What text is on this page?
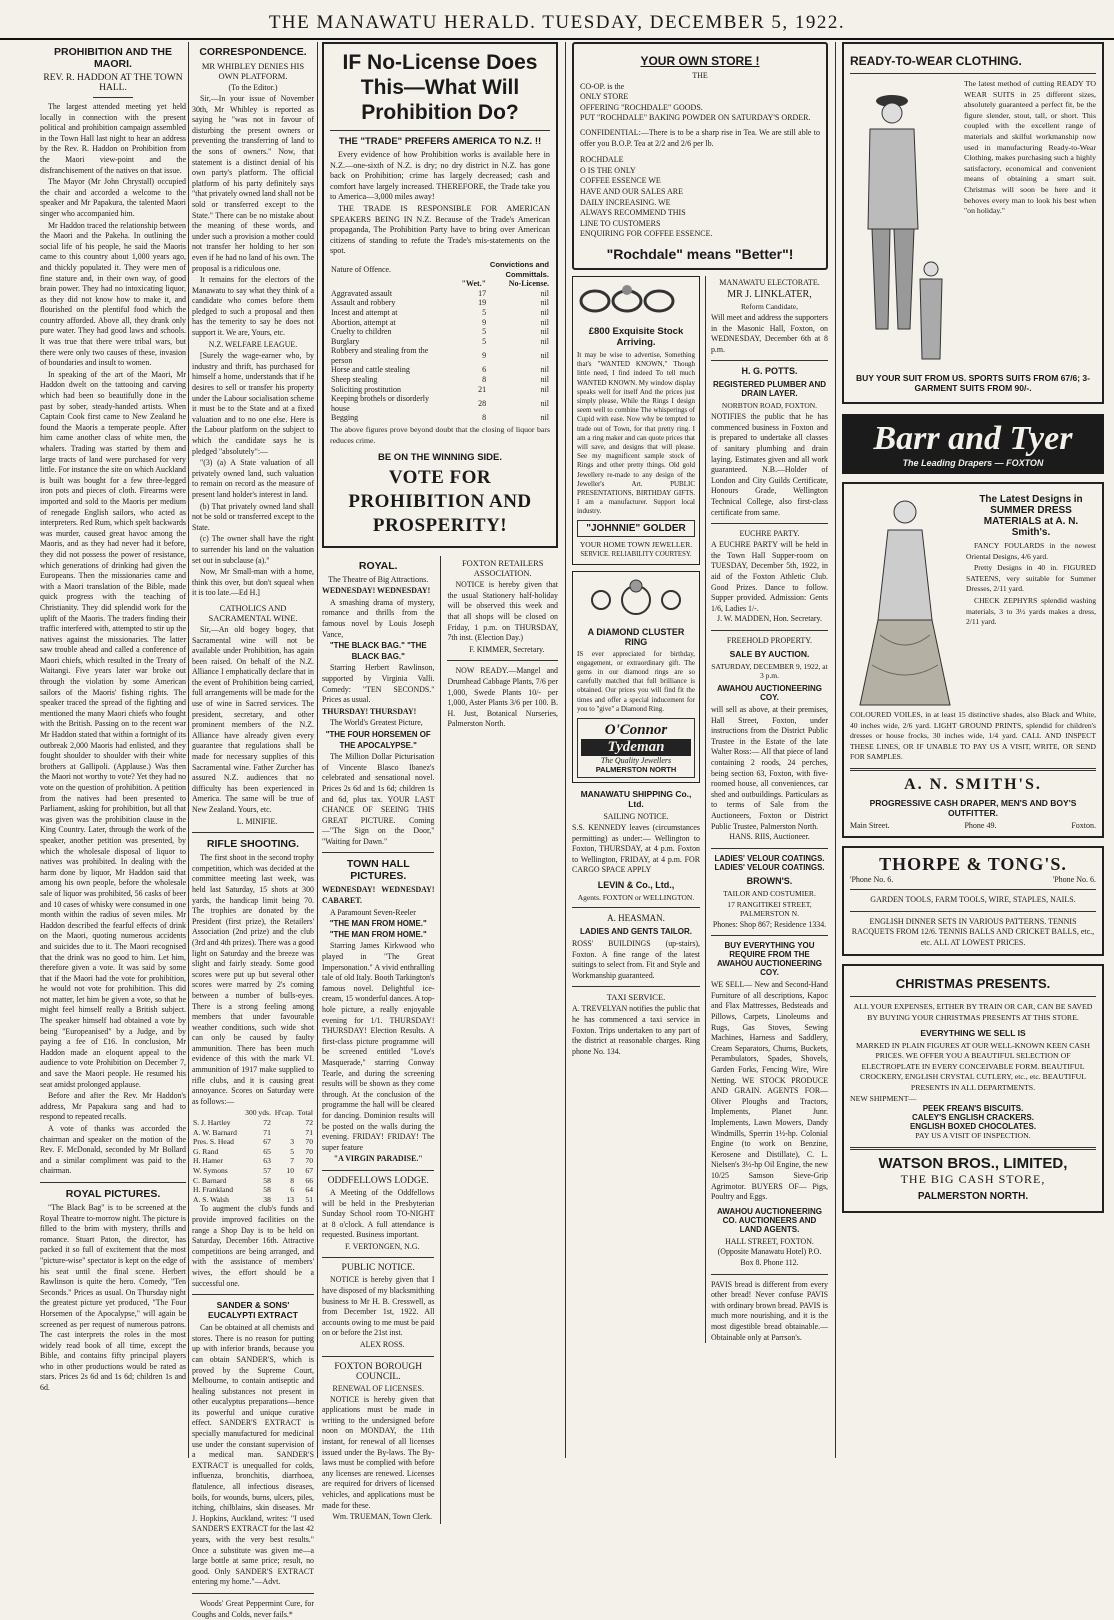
THE MANAWATU HERALD. TUESDAY, DECEMBER 5, 1922.
PROHIBITION AND THE MAORI.
REV. R. HADDON AT THE TOWN HALL.

The largest attended meeting yet held locally in connection with the present political and prohibition campaign assembled in the Town Hall last night to hear an address by the Rev. R. Haddon on Prohibition from the Maori view-point and the disfranchisement of the natives on that issue.

The Mayor (Mr John Chrystall) occupied the chair and accorded a welcome to the speaker and Mr Papakura, the talented Maori singer who accompanied him.

Mr Haddon traced the relationship between the Maori and the Pakeha. In outlining the social life of his people, he said the Maoris came to this country about 1,000 years ago, and thickly populated it. They were men of fine stature and, in their own way, of good brain power. They had no intoxicating liquor, as they did not know how to make it, and flourished on the plentiful food which the country afforded. Above all, they drank only pure water. They had good laws and schools. It was true that there were tribal wars, but there were only two causes of these, invasion of boundaries and insult to women.

In speaking of the art of the Maori, Mr Haddon dwelt on the tattooing and carving which had been so beautifully done in the past by sober, steady-handed artists. When Captain Cook first came to New Zealand he found the Maoris a temperate people. After him came another class of white men, the whalers. Trading was started by them and large tracts of land were purchased for very little. For instance the site on which Auckland is built was bought for a few three-legged iron pots and pieces of cloth. Firearms were imported and sold to the Maoris per medium of renegade English sailors, who acted as interpreters. Red Rum, which spelt backwards was murder, caused great havoc among the Maoris, and as they had never had it before, they did not possess the power of resistance, which generations of drinking had given the Europeans. Then the missionaries came and with a Maori translation of the Bible, made quick progress with the teaching of Christianity. They did splendid work for the uplift of the Maoris. The traders finding their traffic interfered with, attempted to stir up the natives against the missionaries. The latter saw trouble ahead and called a conference of Maori chiefs, which resulted in the Treaty of Waitangi. Five years later war broke out through the violation by some American sailors of the Maoris' fishing rights. The speaker traced the spread of the fighting and mentioned the many Maori chiefs who fought with the British. Passing on to the recent war Mr Haddon stated that within a fortnight of its outbreak 2,000 Maoris had enlisted, and they fought shoulder to shoulder with their white brothers at Gallipoli. (Applause.) Was then the Maori not worthy to vote? Yet they had no vote on the question of prohibition. A petition from the natives had been presented to Parliament, asking for prohibition, but all that was given was the prohibition clause in the King Country. Later, through the work of the speaker, another petition was presented, by which the wholesale disposal of liquor to natives was prohibited. In dealing with the harm done by liquor, Mr Haddon said that among his own people, before the wholesale sale of liquor was prohibited, 56 casks of beer and 10 cases of whisky were consumed in one month within the radius of seven miles. Mr Haddon described the fearful effects of drink on the Maori, quoting numerous accidents and suicides due to it. The Maori recognised that the drink was no good to him. Let him, therefore given a vote. It was said by some that if the Maori had the vote for prohibition, he would not vote for prohibition. This did not matter, let him be given a vote, so that he might feel himself really a British subject. The speaker himself had obtained a vote by being "Europeanised" by a Judge, and by paying a fee of £16. In conclusion, Mr Haddon made an eloquent appeal to the audience to vote Prohibition on December 7, and save the Maori people. He resumed his seat amidst prolonged applause.

Before and after the Rev. Mr Haddon's address, Mr Papakura sang and had to respond to repeated recalls.

A vote of thanks was accorded the chairman and speaker on the motion of the Rev. F. McDonald, seconded by Mr Bollard and a similar compliment was paid to the chairman.

ROYAL PICTURES.

"The Black Bag" is to be screened at the Royal Theatre to-morrow night. The picture is filled to the brim with mystery, thrills and romance. Stuart Paton, the director, has packed it so full of excitement that the most "picture-wise" spectator is kept on the edge of his seat until the final scene. Herbert Rawlinson is quite the hero. Comedy, "Ten Seconds." Prices as usual. On Thursday night the greatest picture yet produced, "The Four Horsemen of the Apocalypse," will again be screened as per request of numerous patrons. The cast interprets the roles in the most widely read book of all time, except the Bible, and contains fifty principal players who in other productions would be rated as stars. Prices 2s 6d and 1s 6d; children 1s and 6d.

CORRESPONDENCE.
MR WHIBLEY DENIES HIS OWN PLATFORM.
(To the Editor.)

Sir,—In your issue of November 30th, Mr Whibley is reported as saying he "was not in favour of disturbing the present owners or preventing the transferring of land to the sons of owners." Now, that statement is a distinct denial of his own party's platform. The official platform of his party definitely says "that privately owned land shall not be sold or transferred except to the State." There can be no mistake about the meaning of these words, and under such a provision a mother could not transfer her holding to her son even if he had no land of his own. The proposal is a ridiculous one.

It remains for the electors of the Manawatu to say what they think of a candidate who comes before them pledged to such a proposal and then has the temerity to say he does not support it. We are, Yours, etc.

N.Z. WELFARE LEAGUE.

[Surely the wage-earner who, by industry and thrift, has purchased for himself a home, understands that if he desires to sell or transfer his property under the Labour socialisation scheme it must be to the State and at a fixed valuation and to no one else. Here is the Labour platform on the subject to which the candidate says he is pledged "absolutely":—

"(3) (a) A State valuation of all privately owned land, such valuation to remain on record as the measure of present land holder's interest in land.

(b) That privately owned land shall not be sold or transferred except to the State.

(c) The owner shall have the right to surrender his land on the valuation set out in subclause (a)."

Now, Mr Small-man with a home, think this over, but don't squeal when it is too late.—Ed H.]

CATHOLICS AND SACRAMENTAL WINE.

Sir,—An old bogey bogey, that Sacramental wine will not be available under Prohibition, has again been raised. On behalf of the N.Z. Alliance I emphatically declare that in the event of Prohibition being carried, full arrangements will be made for the use of wine in Sacred services. The president, secretary, and other prominent members of the N.Z. Alliance have already given every guarantee that regulations shall be made for necessary supplies of this Sacramental wine. Father Zurcher has assured N.Z. audiences that no difficulty has been experienced in America. The same will be true of New Zealand. Yours, etc.

L. MINIFIE.

RIFLE SHOOTING.

The first shoot in the second trophy competition, which was decided at the committee meeting last week, was held last Saturday, 15 shots at 300 yards, the handicap limit being 70. The trophies are donated by the President (first prize), the Retailers' Association (2nd prize) and the club (3rd and 4th prizes). There was a good light on Saturday and the breeze was slight and fairly steady. Some good scores were put up but several other scores were marred by 2's coming between a number of bulls-eyes. There is a strong feeling among members that under favourable weather conditions, such wide shot can only be caused by faulty ammunition. There has been much evidence of this with the mark VI. ammunition of 1917 make supplied to rifle clubs, and it is causing great annoyance. Scores on Saturday were as follows:—

	300 yds.	H'cap.	Total
S. J. Hartley	72		72
A. W. Barnard	71		71
Pres. S. Head	67	3	70
G. Rand	65	5	70
H. Hamer	63	7	70
W. Symons	57	10	67
C. Barnard	58	8	66
H. Frankland	58	6	64
A. S. Walsh	38	13	51

To augment the club's funds and provide improved facilities on the range a Shop Day is to be held on Saturday, December 16th. Attractive competitions are being arranged, and with the assistance of members' wives, the effort should be a successful one.

SANDER & SONS' EUCALYPTI EXTRACT

Can be obtained at all chemists and stores. There is no reason for putting up with inferior brands, because you can obtain SANDER'S, which is proved by the Supreme Court, Melbourne, to contain antiseptic and healing substances not present in other eucalyptus preparations—hence its powerful and unique curative effect. SANDER'S EXTRACT is specially manufactured for medicinal use under the constant supervision of a medical man. SANDER'S EXTRACT is unequalled for colds, influenza, bronchitis, diarrhoea, flatulence, all infectious diseases, boils, for wounds, burns, ulcers, piles, itching, chilblains, skin diseases. Mr J. Hopkins, Auckland, writes: "I used SANDER'S EXTRACT for the last 42 years, with the very best results." Once a substitute was given me—a large bottle at same price; result, no good. Only SANDER'S EXTRACT entering my home."—Advt.

Woods' Great Peppermint Cure, for Coughs and Colds, never fails.*

IF No-License Does This—What Will Prohibition Do?
THE "TRADE" PREFERS AMERICA TO N.Z. !!

Every evidence of how Prohibition works is available here in N.Z.—one-sixth of N.Z. is dry; no dry district in N.Z. has gone back on Prohibition; crime has largely decreased; cash and comfort have largely increased. THEREFORE, the Trade take you to America—3,000 miles away!

THE TRADE IS RESPONSIBLE FOR AMERICAN SPEAKERS BEING IN N.Z. Because of the Trade's American propaganda, The Prohibition Party have to bring over American citizens of standing to refute the Trade's mis-statements on the spot.

Nature of Offence.	Convictions and Committals.	
	"Wet."	No-License.
Aggravated assault	17	nil
Assault and robbery	19	nil
Incest and attempt at	5	nil
Abortion, attempt at	9	nil
Cruelty to children	5	nil
Burglary	5	nil
Robbery and stealing from the person	9	nil
Horse and cattle stealing	6	nil
Sheep stealing	8	nil
Soliciting prostitution	21	nil
Keeping brothels or disorderly house	28	nil
Begging	8	nil
The above figures prove beyond doubt that the closing of liquor bars reduces crime.
BE ON THE WINNING SIDE.
VOTE FOR PROHIBITION AND PROSPERITY!
ROYAL.
The Theatre of Big Attractions.

WEDNESDAY! WEDNESDAY!

A smashing drama of mystery, romance and thrills from the famous novel by Louis Joseph Vance,

"THE BLACK BAG." "THE BLACK BAG."

Starring Herbert Rawlinson, supported by Virginia Valli. Comedy: "TEN SECONDS." Prices as usual.

THURSDAY! THURSDAY!

The World's Greatest Picture,

"THE FOUR HORSEMEN OF THE APOCALYPSE."

The Million Dollar Picturisation of Vincente Blasco Ibanez's celebrated and sensational novel. Prices 2s 6d and 1s 6d; children 1s and 6d, plus tax. YOUR LAST CHANCE OF SEEING THIS GREAT PICTURE. Coming—"The Sign on the Door," "Waiting for Dawn."

TOWN HALL PICTURES.

WEDNESDAY! WEDNESDAY! CABARET.

A Paramount Seven-Reeler

"THE MAN FROM HOME." "THE MAN FROM HOME."

Starring James Kirkwood who played in "The Great Impersonation." A vivid enthralling tale of old Italy. Booth Tarkington's famous novel. Delightful ice-cream, 15 wonderful dances. A top-hole picture, a really enjoyable evening for 1/1. THURSDAY! THURSDAY! Election Results. A first-class picture programme will be screened entitled "Love's Masquerade," starring Conway Tearle, and during the screening results will be shown as they come through. At the conclusion of the programme the hall will be cleared for dancing. Dominion results will be posted on the walls during the evening. FRIDAY! FRIDAY! The super feature

"A VIRGIN PARADISE."

ODDFELLOWS LODGE.

A Meeting of the Oddfellows will be held in the Presbyterian Sunday School room TO-NIGHT at 8 o'clock. A full attendance is requested. Business important.

F. VERTONGEN, N.G.

PUBLIC NOTICE.

NOTICE is hereby given that I have disposed of my blacksmithing business to Mr H. B. Cresswell, as from December 1st, 1922. All accounts owing to me must be paid on or before the 21st inst.

ALEX ROSS.

FOXTON BOROUGH COUNCIL.
RENEWAL OF LICENSES.

NOTICE is hereby given that applications must be made in writing to the undersigned before noon on MONDAY, the 11th instant, for renewal of all licenses issued under the By-laws. The By-laws must be complied with before any licenses are renewed. Licenses are required for drivers of licensed vehicles, and applications must be made for these.

Wm. TRUEMAN, Town Clerk.

FOXTON RETAILERS ASSOCIATION.

NOTICE is hereby given that the usual Stationery half-holiday will be observed this week and that all shops will be closed on Friday, 1 p.m. on THURSDAY, 7th inst. (Election Day.)

F. KIMMER, Secretary.

NOW READY.—Mangel and Drumhead Cabbage Plants, 7/6 per 1,000, Swede Plants 10/- per 1,000, Aster Plants 3/6 per 100. B. H. Just, Botanical Nurseries, Palmerston North.

YOUR OWN STORE !
THE
CO-OP. is the
ONLY STORE
OFFERING "ROCHDALE" GOODS.
PUT "ROCHDALE" BAKING POWDER ON SATURDAY'S ORDER.
CONFIDENTIAL:—There is to be a sharp rise in Tea. We are still able to offer you B.O.P. Tea at 2/2 and 2/6 per lb.
ROCHDALE
O IS THE ONLY
COFFEE ESSENCE WE
HAVE AND OUR SALES ARE
DAILY INCREASING. WE
ALWAYS RECOMMEND THIS
LINE TO CUSTOMERS
ENQUIRING FOR COFFEE ESSENCE.
"Rochdale" means "Better"!
£800 Exquisite Stock Arriving.
It may be wise to advertise, Something that's "WANTED KNOWN," Though little need, I find indeed To tell much WANTED KNOWN. My window display speaks well for itself And the prices just simply please, While the Rings I design seem well to combine The whisperings of Cupid with ease. Now why be tempted to trade out of Town, for that pretty ring. I am a ring maker and can quote prices that will save, and designs that will please. See my magnificent sample stock of Rings and other pretty things. Old gold Jewellery re-made to any design of the Jeweller's Art. PUBLIC PRESENTATIONS, BIRTHDAY GIFTS. I am a manufacturer. Support local industry.
"JOHNNIE" GOLDER
YOUR HOME TOWN JEWELLER.
SERVICE. RELIABILITY COURTESY.
A DIAMOND CLUSTER RING
IS ever appreciated for birthday, engagement, or extraordinary gift. The gems in our diamond rings are so carefully matched that full brilliance is obtained. Our prices you will find fit the times and offer a special inducement for you to "give" a Diamond Ring.
O'Connor
Tydeman
The Quality Jewellers
PALMERSTON NORTH
MANAWATU SHIPPING Co., Ltd.
SAILING NOTICE.
S.S. KENNEDY leaves (circumstances permitting) as under:— Wellington to Foxton, THURSDAY, at 4 p.m. Foxton to Wellington, FRIDAY, at 4 p.m. FOR CARGO SPACE APPLY
LEVIN & Co., Ltd.,
Agents. FOXTON or WELLINGTON.
A. HEASMAN.
LADIES AND GENTS TAILOR.
ROSS' BUILDINGS (up-stairs), Foxton. A fine range of the latest suitings to select from. Fit and Style and Workmanship guaranteed.
TAXI SERVICE.
A. TREVELYAN notifies the public that he has commenced a taxi service in Foxton. Trips undertaken to any part of the district at reasonable charges. Ring phone No. 134.
MANAWATU ELECTORATE.
MR J. LINKLATER,
Reform Candidate,
Will meet and address the supporters in the Masonic Hall, Foxton, on WEDNESDAY, December 6th at 8 p.m.
H. G. POTTS.
REGISTERED PLUMBER AND DRAIN LAYER.
NORBTON ROAD, FOXTON.
NOTIFIES the public that he has commenced business in Foxton and is prepared to undertake all classes of sanitary plumbing and drain laying. Estimates given and all work guaranteed. N.B.—Holder of London and City Guilds Certificate, Honours Grade, Wellington Technical College, also first-class certificate from same.
EUCHRE PARTY.
A EUCHRE PARTY will be held in the Town Hall Supper-room on TUESDAY, December 5th, 1922, in aid of the Foxton Athletic Club. Good Prizes. Dance to follow. Supper provided. Admission: Gents 1/6, Ladies 1/-.
J. W. MADDEN, Hon. Secretary.
FREEHOLD PROPERTY.
SALE BY AUCTION.
SATURDAY, DECEMBER 9, 1922, at 3 p.m.
AWAHOU AUCTIONEERING COY.
will sell as above, at their premises, Hall Street, Foxton, under instructions from the District Public Trustee in the Estate of the late Walter Ross:— All that piece of land containing 2 roods, 24 perches, being section 63, Foxton, with five-roomed house, all conveniences, car shed and outbuildings. Particulars as to terms of Sale from the Auctioneers, Foxton or District Public Trustee, Palmerston North.
HANS. RIIS, Auctioneer.
LADIES' VELOUR COATINGS. LADIES' VELOUR COATINGS.
BROWN'S.
TAILOR AND COSTUMIER.
17 RANGITIKEI STREET, PALMERSTON N.
Phones: Shop 867; Residence 1334.
BUY EVERYTHING YOU REQUIRE FROM THE AWAHOU AUCTIONEERING COY.
WE SELL— New and Second-Hand Furniture of all descriptions, Kapoc and Flax Mattresses, Bedsteads and Pillows, Carpets, Linoleums and Rugs, Gas Stoves, Sewing Machines, Harness and Saddlery, Cream Separators, Churns, Buckets, Perambulators, Spades, Shovels, Garden Forks, Fencing Wire, Wire Netting. WE STOCK PRODUCE AND GRAIN. AGENTS FOR— Oliver Ploughs and Tractors, Implements, Planet Junr. Implements, Lawn Mowers, Dandy Windmills, Sperrin 1½-hp. Colonial Engine (to work on Benzine, Kerosene and Distillate), C. L. Nielsen's 3½-hp Oil Engine, the new 10/25 Samson Sieve-Grip Agrimotor. BUYERS OF— Pigs, Poultry and Eggs.
AWAHOU AUCTIONEERING CO. AUCTIONEERS AND LAND AGENTS.
HALL STREET, FOXTON. (Opposite Manawatu Hotel) P.O. Box 8. Phone 112.
PAVIS bread is different from every other bread! Never confuse PAVIS with ordinary brown bread. PAVIS is much more nourishing, and it is the most digestible bread obtainable.—Obtainable only at Parrson's.
READY-TO-WEAR CLOTHING.
The latest method of cutting READY TO WEAR SUITS in 25 different sizes, absolutely guaranteed a perfect fit, be the figure slender, stout, tall, or short. This coupled with the excellent range of materials and skilful workmanship now used in manufacturing Ready-to-Wear Clothing, makes purchasing such a highly satisfactory, economical and convenient means of obtaining a smart suit. Christmas will soon be here and it behoves every man to look his best when "on holiday."
BUY YOUR SUIT FROM US. SPORTS SUITS FROM 67/6; 3-GARMENT SUITS FROM 90/-.
Barr and Tyer
The Leading Drapers — FOXTON
The Latest Designs in SUMMER DRESS MATERIALS at A. N. Smith's.

FANCY FOULARDS in the newest Oriental Designs, 4/6 yard.

Pretty Designs in 40 in. FIGURED SATEENS, very suitable for Summer Dresses, 2/11 yard.

CHECK ZEPHYRS splendid washing materials, 3 to 3½ yards makes a dress, 2/11 yard.

COLOURED VOILES, in at least 15 distinctive shades, also Black and White, 40 inches wide, 2/6 yard. LIGHT GROUND PRINTS, splendid for children's dresses or house frocks, 30 inches wide, 1/4 yard. CALL AND INSPECT THESE LINES, OR IF UNABLE TO PAY US A VISIT, WRITE, OR SEND FOR SAMPLES.
A. N. SMITH'S.
PROGRESSIVE CASH DRAPER, MEN'S AND BOY'S OUTFITTER.
Main Street.	Phone 49.	Foxton.
THORPE & TONG'S.
'Phone No. 6.	'Phone No. 6.
GARDEN TOOLS, FARM TOOLS, WIRE, STAPLES, NAILS.
ENGLISH DINNER SETS IN VARIOUS PATTERNS. TENNIS RACQUETS FROM 12/6. TENNIS BALLS AND CRICKET BALLS, etc., etc. ALL AT LOWEST PRICES.
CHRISTMAS PRESENTS.
ALL YOUR EXPENSES, EITHER BY TRAIN OR CAR, CAN BE SAVED BY BUYING YOUR CHRISTMAS PRESENTS AT THIS STORE.
EVERYTHING WE SELL IS
MARKED IN PLAIN FIGURES AT OUR WELL-KNOWN KEEN CASH PRICES. WE OFFER YOU A BEAUTIFUL SELECTION OF ELECTROPLATE IN EVERY CONCEIVABLE FORM. BEAUTIFUL CROCKERY, ENGLISH CRYSTAL CUTLERY, etc., etc. BEAUTIFUL PRESENTS IN ALL DEPARTMENTS.
NEW SHIPMENT—
PEEK FREAN'S BISCUITS.
CALEY'S ENGLISH CRACKERS.
ENGLISH BOXED CHOCOLATES.
PAY US A VISIT OF INSPECTION.
WATSON BROS., LIMITED,
THE BIG CASH STORE,
PALMERSTON NORTH.
